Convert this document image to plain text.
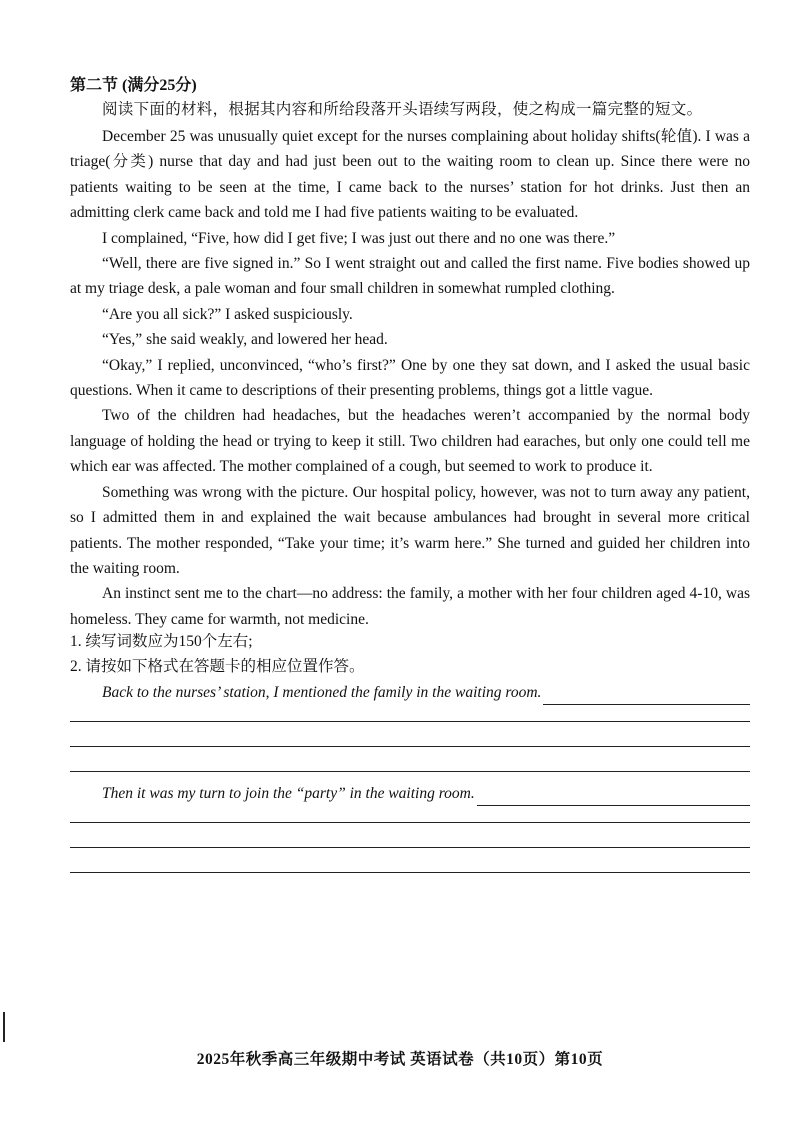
第二节 (满分25分)
阅读下面的材料，根据其内容和所给段落开头语续写两段，使之构成一篇完整的短文。

December 25 was unusually quiet except for the nurses complaining about holiday shifts(轮值). I was a triage(分类) nurse that day and had just been out to the waiting room to clean up. Since there were no patients waiting to be seen at the time, I came back to the nurses’ station for hot drinks. Just then an admitting clerk came back and told me I had five patients waiting to be evaluated.

I complained, “Five, how did I get five; I was just out there and no one was there.”

“Well, there are five signed in.” So I went straight out and called the first name. Five bodies showed up at my triage desk, a pale woman and four small children in somewhat rumpled clothing.

“Are you all sick?” I asked suspiciously.

“Yes,” she said weakly, and lowered her head.

“Okay,” I replied, unconvinced, “who’s first?” One by one they sat down, and I asked the usual basic questions. When it came to descriptions of their presenting problems, things got a little vague.

Two of the children had headaches, but the headaches weren’t accompanied by the normal body language of holding the head or trying to keep it still. Two children had earaches, but only one could tell me which ear was affected. The mother complained of a cough, but seemed to work to produce it.

Something was wrong with the picture. Our hospital policy, however, was not to turn away any patient, so I admitted them in and explained the wait because ambulances had brought in several more critical patients. The mother responded, “Take your time; it’s warm here.” She turned and guided her children into the waiting room.

An instinct sent me to the chart—no address: the family, a mother with her four children aged 4-10, was homeless. They came for warmth, not medicine.

1. 续写词数应为150个左右;
2. 请按如下格式在答题卡的相应位置作答。
Back to the nurses’ station, I mentioned the family in the waiting room.
Then it was my turn to join the “party” in the waiting room.
2025年秋季高三年级期中考试 英语试卷（共10页）第10页
